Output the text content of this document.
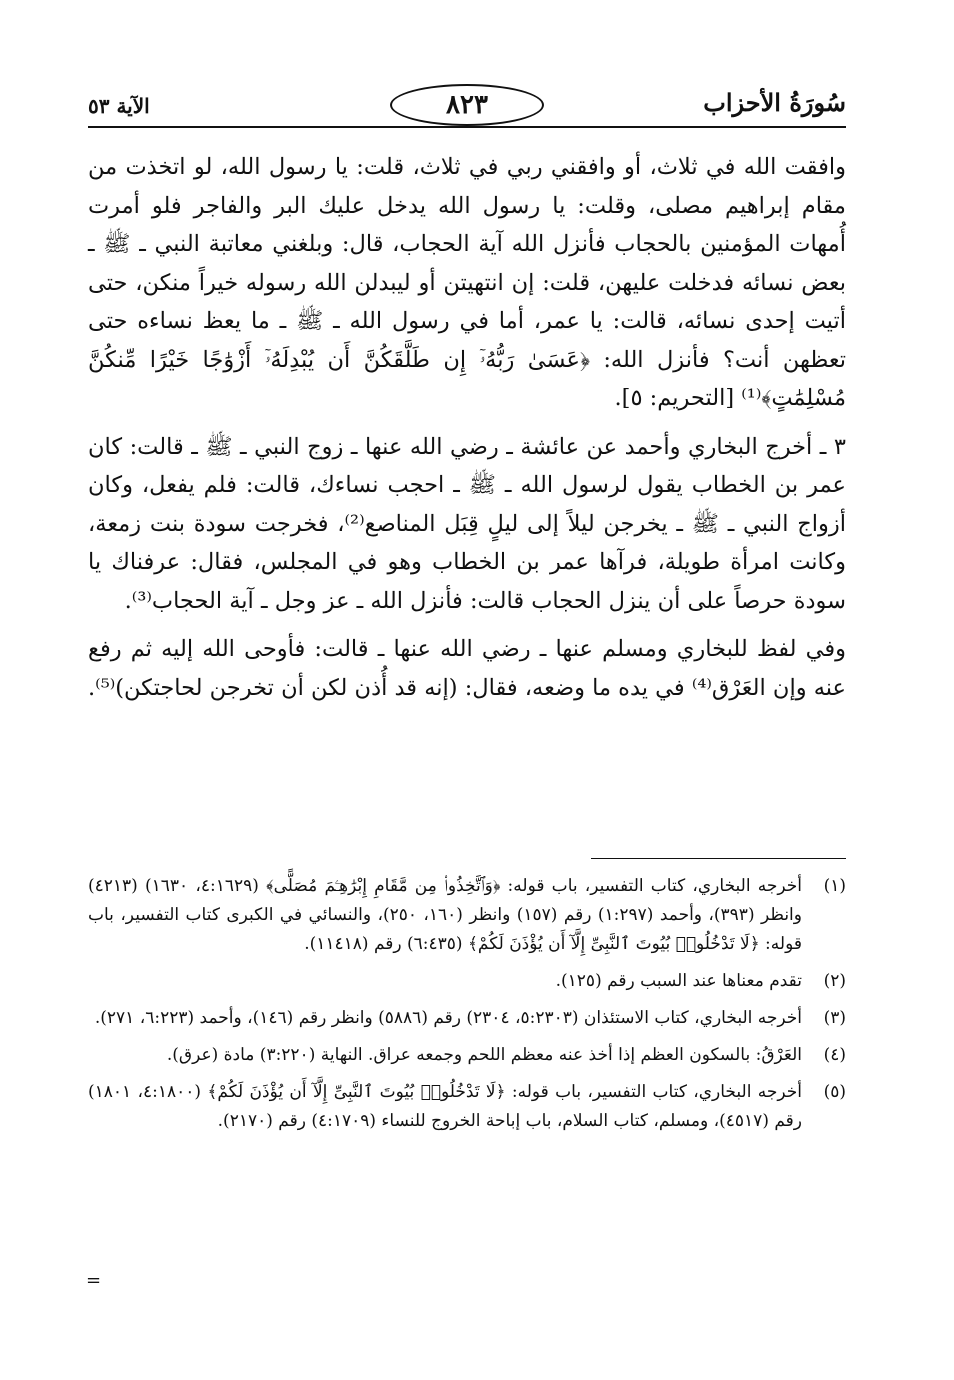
سُورَةُ الأحزاب
٨٢٣
الآية ٥٣

وافقت الله في ثلاث، أو وافقني ربي في ثلاث، قلت: يا رسول الله، لو اتخذت من مقام إبراهيم مصلى، وقلت: يا رسول الله يدخل عليك البر والفاجر فلو أمرت أُمهات المؤمنين بالحجاب فأنزل الله آية الحجاب، قال: وبلغني معاتبة النبي ـ ﷺ ـ بعض نسائه فدخلت عليهن، قلت: إن انتهيتن أو ليبدلن الله رسوله خيراً منكن، حتى أتيت إحدى نسائه، قالت: يا عمر، أما في رسول الله ـ ﷺ ـ ما يعظ نساءه حتى تعظهن أنت؟ فأنزل الله: ﴿عَسَىٰ رَبُّهُۥٓ إِن طَلَّقَكُنَّ أَن يُبْدِلَهُۥٓ أَزْوَٰجًا خَيْرًا مِّنكُنَّ مُسْلِمَٰتٍ﴾⁽¹⁾ [التحريم: ٥].

٣ ـ أخرج البخاري وأحمد عن عائشة ـ رضي الله عنها ـ زوج النبي ـ ﷺ ـ قالت: كان عمر بن الخطاب يقول لرسول الله ـ ﷺ ـ احجب نساءك، قالت: فلم يفعل، وكان أزواج النبي ـ ﷺ ـ يخرجن ليلاً إلى ليلٍ قِبَل المناصع⁽²⁾، فخرجت سودة بنت زمعة، وكانت امرأة طويلة، فرآها عمر بن الخطاب وهو في المجلس، فقال: عرفناك يا سودة حرصاً على أن ينزل الحجاب قالت: فأنزل الله ـ عز وجل ـ آية الحجاب⁽³⁾.

وفي لفظ للبخاري ومسلم عنها ـ رضي الله عنها ـ قالت: فأوحى الله إليه ثم رفع عنه وإن العَرْق⁽⁴⁾ في يده ما وضعه، فقال: (إنه قد أُذن لكن أن تخرجن لحاجتكن)⁽⁵⁾.

(١)
أخرجه البخاري، كتاب التفسير، باب قوله: ﴿وَٱتَّخِذُوا۟ مِن مَّقَامِ إِبْرَٰهِـۧمَ مُصَلًّى﴾ (٤:١٦٢٩، ١٦٣٠) (٤٢١٣) وانظر (٣٩٣)، وأحمد (١:٢٩٧) رقم (١٥٧) وانظر (١٦٠، ٢٥٠)، والنسائي في الكبرى كتاب التفسير، باب قوله: ﴿لَا تَدْخُلُوا۟ بُيُوتَ ٱلنَّبِىِّ إِلَّآ أَن يُؤْذَنَ لَكُمْ﴾ (٦:٤٣٥) رقم (١١٤١٨).
(٢)
تقدم معناها عند السبب رقم (١٢٥).
(٣)
أخرجه البخاري، كتاب الاستئذان (٥:٢٣٠٣، ٢٣٠٤) رقم (٥٨٨٦) وانظر رقم (١٤٦)، وأحمد (٦:٢٢٣، ٢٧١).
(٤)
العَرْقُ: بالسكون العظم إذا أخذ عنه معظم اللحم وجمعه عراق. النهاية (٣:٢٢٠) مادة (عرق).
(٥)
أخرجه البخاري، كتاب التفسير، باب قوله: ﴿لَا تَدْخُلُوا۟ بُيُوتَ ٱلنَّبِىِّ إِلَّآ أَن يُؤْذَنَ لَكُمْ﴾ (٤:١٨٠٠، ١٨٠١) رقم (٤٥١٧)، ومسلم، كتاب السلام، باب إباحة الخروج للنساء (٤:١٧٠٩) رقم (٢١٧٠).
=
